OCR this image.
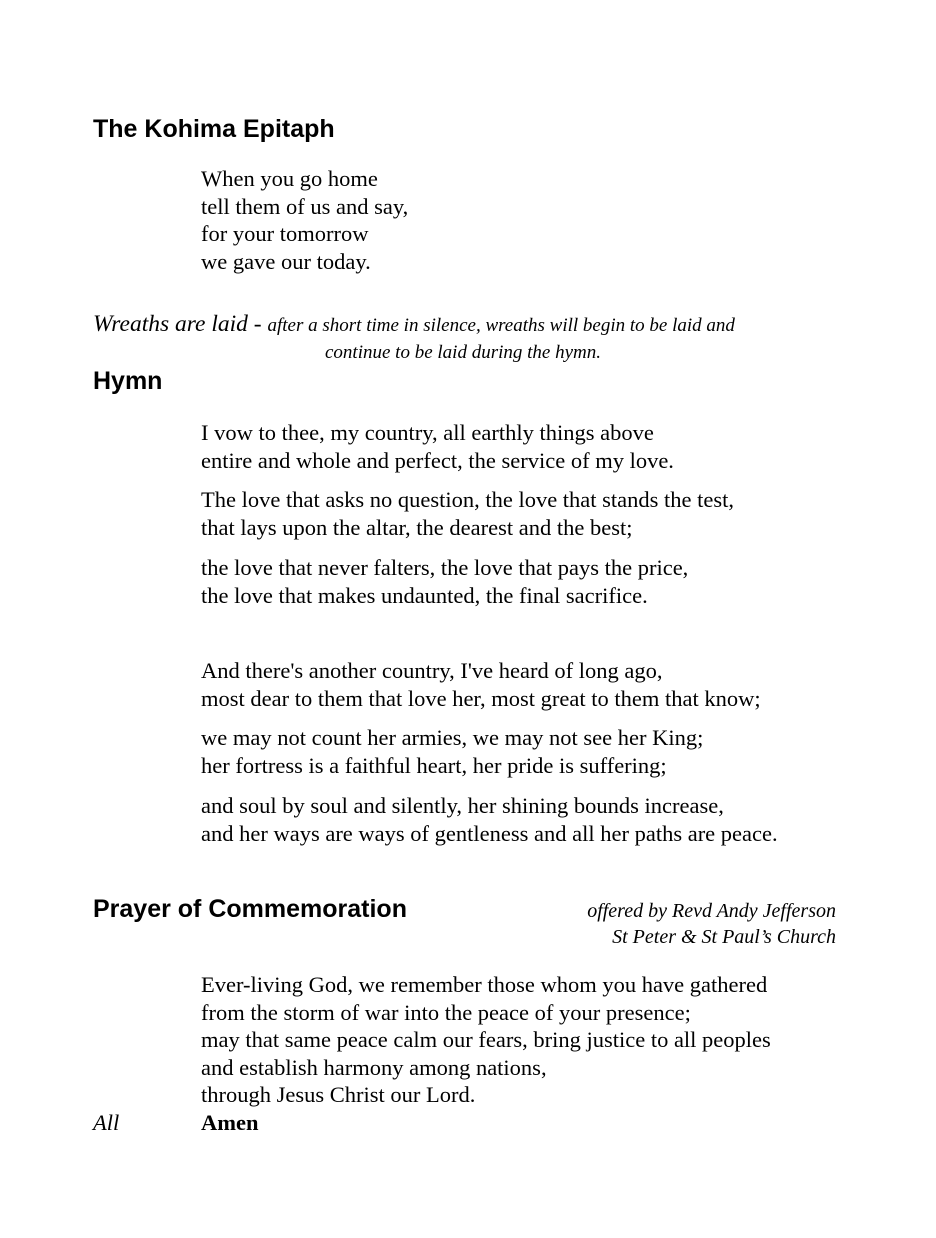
The Kohima Epitaph
When you go home
tell them of us and say,
for your tomorrow
we gave our today.
Wreaths are laid - after a short time in silence, wreaths will begin to be laid and
continue to be laid during the hymn.
Hymn
I vow to thee, my country, all earthly things above
entire and whole and perfect, the service of my love.
The love that asks no question, the love that stands the test,
that lays upon the altar, the dearest and the best;
the love that never falters, the love that pays the price,
the love that makes undaunted, the final sacrifice.
And there's another country, I've heard of long ago,
most dear to them that love her, most great to them that know;
we may not count her armies, we may not see her King;
her fortress is a faithful heart, her pride is suffering;
and soul by soul and silently, her shining bounds increase,
and her ways are ways of gentleness and all her paths are peace.
Prayer of Commemoration	offered by Revd Andy Jefferson
St Peter & St Paul’s Church
Ever-living God, we remember those whom you have gathered
from the storm of war into the peace of your presence;
may that same peace calm our fears, bring justice to all peoples
and establish harmony among nations,
through Jesus Christ our Lord.
All	Amen
